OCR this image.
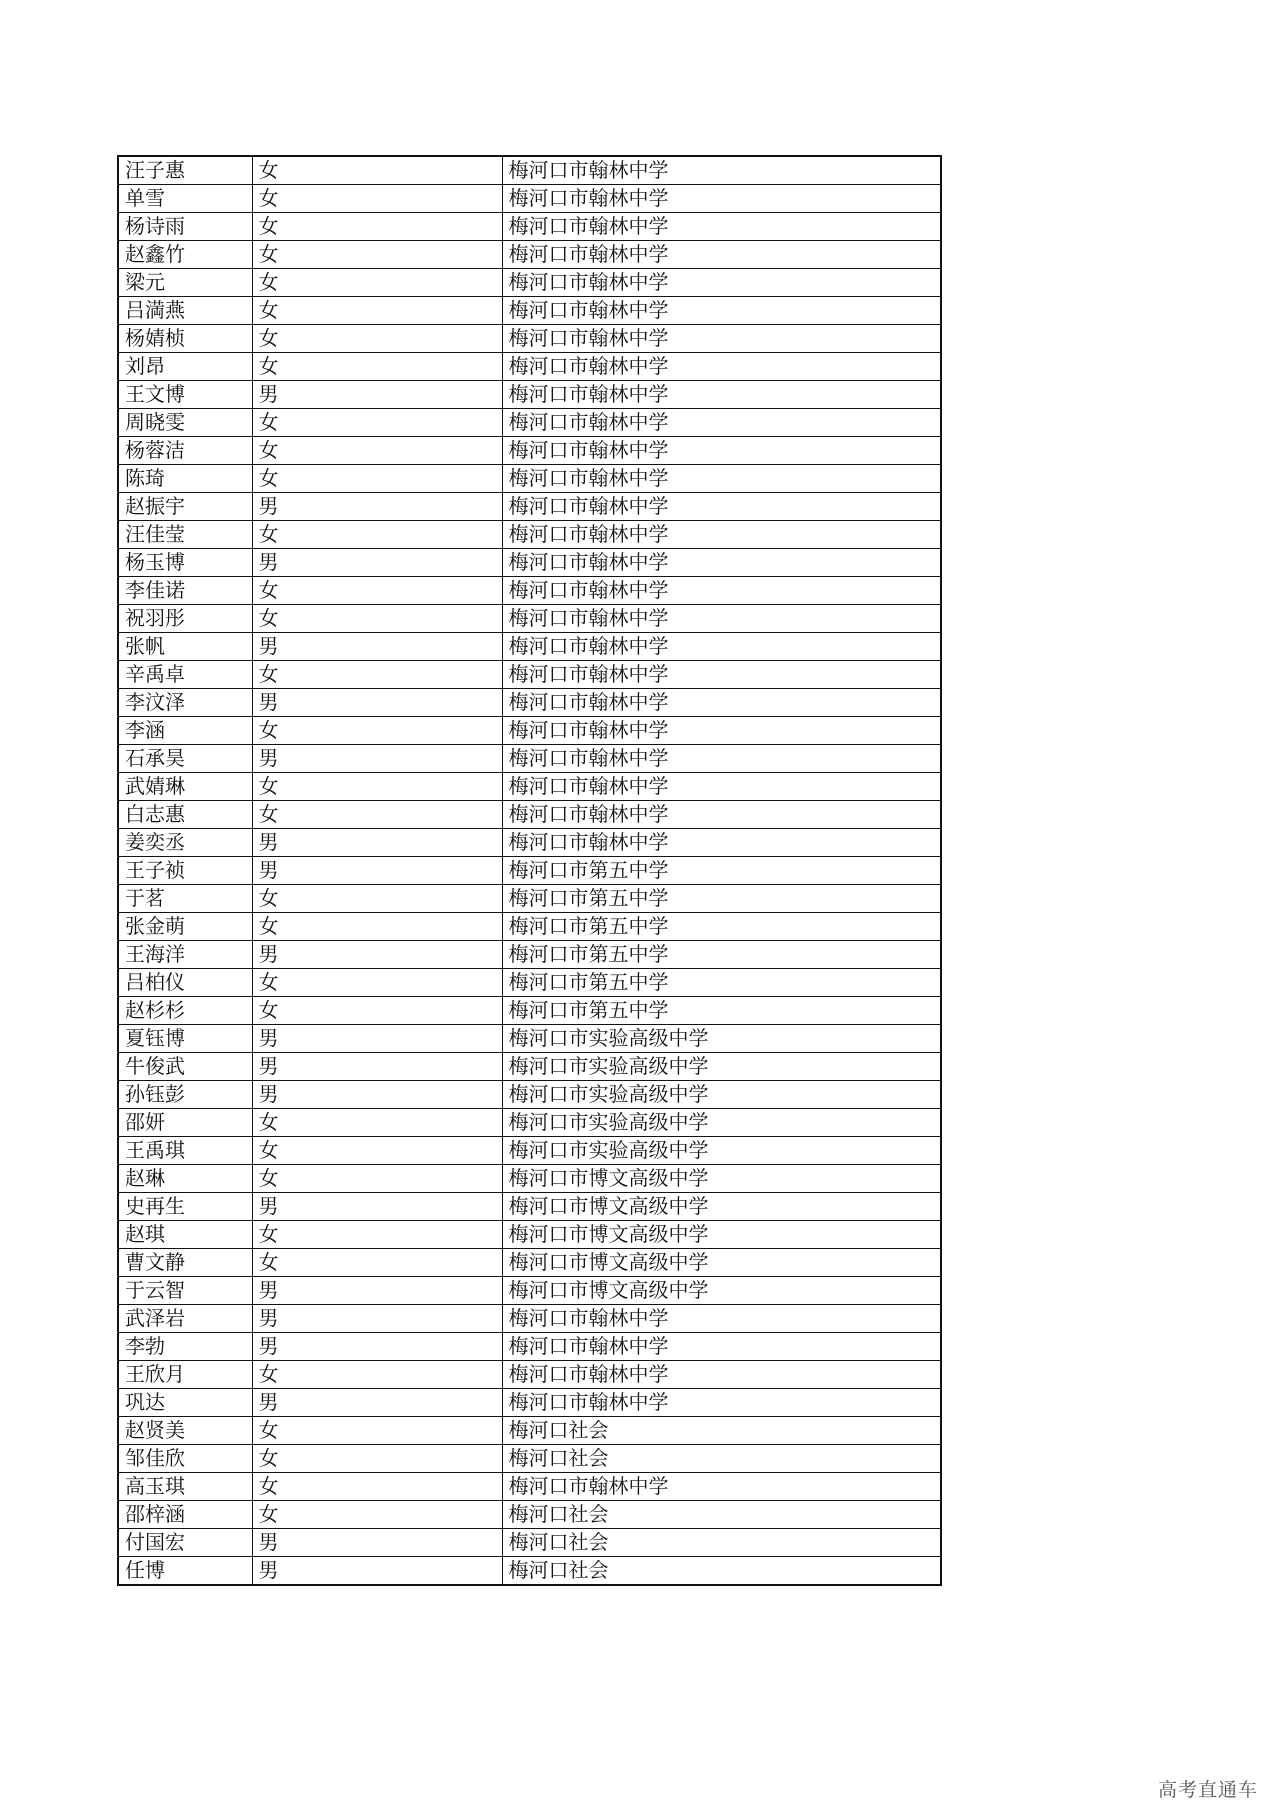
汪子惠	女	梅河口市翰林中学
单雪	女	梅河口市翰林中学
杨诗雨	女	梅河口市翰林中学
赵鑫竹	女	梅河口市翰林中学
梁元	女	梅河口市翰林中学
吕満燕	女	梅河口市翰林中学
杨婧桢	女	梅河口市翰林中学
刘昂	女	梅河口市翰林中学
王文博	男	梅河口市翰林中学
周晓雯	女	梅河口市翰林中学
杨蓉洁	女	梅河口市翰林中学
陈琦	女	梅河口市翰林中学
赵振宇	男	梅河口市翰林中学
汪佳莹	女	梅河口市翰林中学
杨玉博	男	梅河口市翰林中学
李佳诺	女	梅河口市翰林中学
祝羽彤	女	梅河口市翰林中学
张帆	男	梅河口市翰林中学
辛禹卓	女	梅河口市翰林中学
李汶泽	男	梅河口市翰林中学
李涵	女	梅河口市翰林中学
石承昊	男	梅河口市翰林中学
武婧琳	女	梅河口市翰林中学
白志惠	女	梅河口市翰林中学
姜奕丞	男	梅河口市翰林中学
王子祯	男	梅河口市第五中学
于茗	女	梅河口市第五中学
张金萌	女	梅河口市第五中学
王海洋	男	梅河口市第五中学
吕柏仪	女	梅河口市第五中学
赵杉杉	女	梅河口市第五中学
夏钰博	男	梅河口市实验高级中学
牛俊武	男	梅河口市实验高级中学
孙钰彭	男	梅河口市实验高级中学
邵妍	女	梅河口市实验高级中学
王禹琪	女	梅河口市实验高级中学
赵琳	女	梅河口市博文高级中学
史再生	男	梅河口市博文高级中学
赵琪	女	梅河口市博文高级中学
曹文静	女	梅河口市博文高级中学
于云智	男	梅河口市博文高级中学
武泽岩	男	梅河口市翰林中学
李勃	男	梅河口市翰林中学
王欣月	女	梅河口市翰林中学
巩达	男	梅河口市翰林中学
赵贤美	女	梅河口社会
邹佳欣	女	梅河口社会
高玉琪	女	梅河口市翰林中学
邵梓涵	女	梅河口社会
付国宏	男	梅河口社会
任博	男	梅河口社会
高考直通车
